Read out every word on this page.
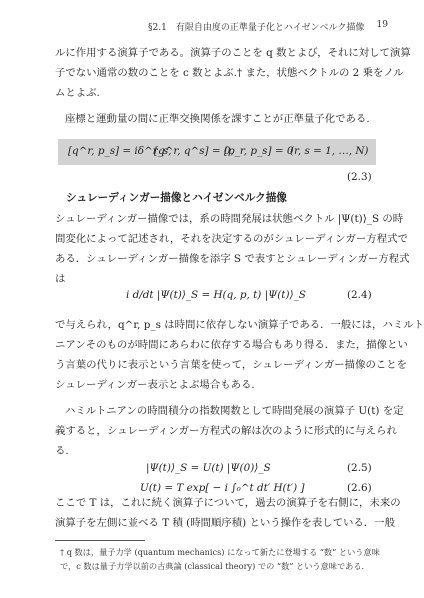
§2.1　有限自由度の正準量子化とハイゼンベルク描像 19
ルに作用する演算子である。演算子のことを q 数とよび，それに対して演算
子でない通常の数のことを c 数とよぶ.† また，状態ベクトルの 2 乗をノル
ムとよぶ.
座標と運動量の間に正準交換関係を課すことが正準量子化である.
[q^r, p_s] = iδ^r_s,
[q^r, q^s] = 0,
[p_r, p_s] = 0
(r, s = 1, …, N)
(2.3)
シュレーディンガー描像とハイゼンベルク描像
シュレーディンガー描像では，系の時間発展は状態ベクトル |Ψ(t)⟩_S の時
間変化によって記述され，それを決定するのがシュレーディンガー方程式で
ある．シュレーディンガー描像を添字 S で表すとシュレーディンガー方程式
は
i d/dt |Ψ(t)⟩_S = H(q, p, t) |Ψ(t)⟩_S	(2.4)
で与えられ，q^r, p_s は時間に依存しない演算子である．一般には，ハミルト
ニアンそのものが時間にあらわに依存する場合もあり得る．また，描像とい
う言葉の代りに表示という言葉を使って，シュレーディンガー描像のことを
シュレーディンガー表示とよぶ場合もある.
ハミルトニアンの時間積分の指数関数として時間発展の演算子 U(t) を定
義すると，シュレーディンガー方程式の解は次のように形式的に与えられ
る.
|Ψ(t)⟩_S = U(t) |Ψ(0)⟩_S	(2.5)
U(t) = T exp[ − i ∫₀^t dt′ H(t′) ]	(2.6)
ここで T は，これに続く演算子について，過去の演算子を右側に，未来の
演算子を左側に並べる T 積 (時間順序積) という操作を表している．一般
† q 数は，量子力学 (quantum mechanics) になって新たに登場する “数” という意味
で，c 数は量子力学以前の古典論 (classical theory) での “数” という意味である.
